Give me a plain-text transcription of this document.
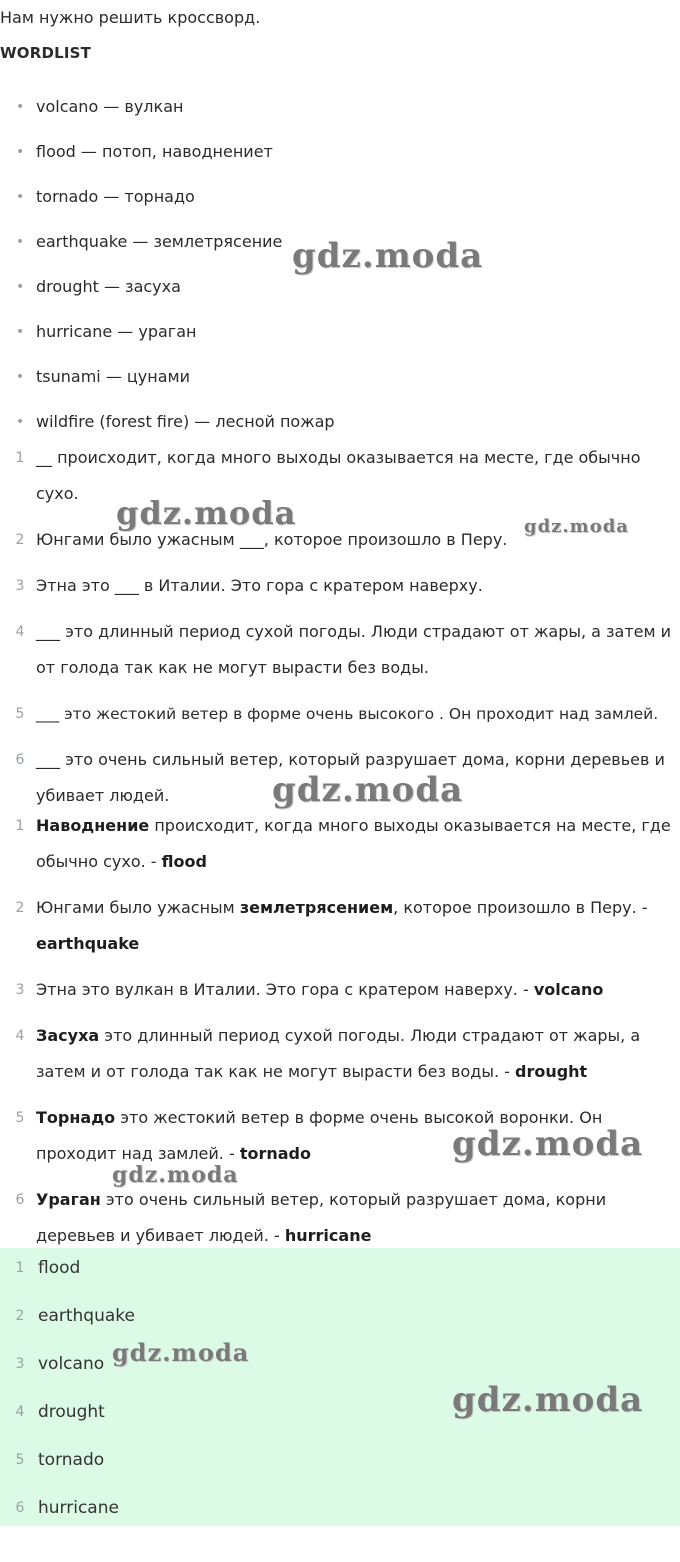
Нам нужно решить кроссворд.
WORDLIST
• volcano — вулкан
• flood — потоп, наводнениет
• tornado — торнадо
• earthquake — землетрясение
• drought — засуха
• hurricane — ураган
• tsunami — цунами
• wildfire (forest fire) — лесной пожар
1 __ происходит, когда много выходы оказывается на месте, где обычно сухо.
2 Юнгами было ужасным ___, которое произошло в Перу.
3 Этна это ___ в Италии. Это гора с кратером наверху.
4 ___ это длинный период сухой погоды. Люди страдают от жары, а затем и от голода так как не могут вырасти без воды.
5 ___ это жестокий ветер в форме очень высокого . Он проходит над замлей.
6 ___ это очень сильный ветер, который разрушает дома, корни деревьев и убивает людей.
1 Наводнение происходит, когда много выходы оказывается на месте, где обычно сухо. - flood
2 Юнгами было ужасным землетрясением, которое произошло в Перу. - earthquake
3 Этна это вулкан в Италии. Это гора с кратером наверху. - volcano
4 Засуха это длинный период сухой погоды. Люди страдают от жары, а затем и от голода так как не могут вырасти без воды. - drought
5 Торнадо это жестокий ветер в форме очень высокой воронки. Он проходит над замлей. - tornado
6 Ураган это очень сильный ветер, который разрушает дома, корни деревьев и убивает людей. - hurricane
1 flood
2 earthquake
3 volcano
4 drought
5 tornado
6 hurricane
gdz.moda
gdz.moda	gdz.moda
gdz.moda
gdz.moda
gdz.moda
gdz.moda
gdz.moda
